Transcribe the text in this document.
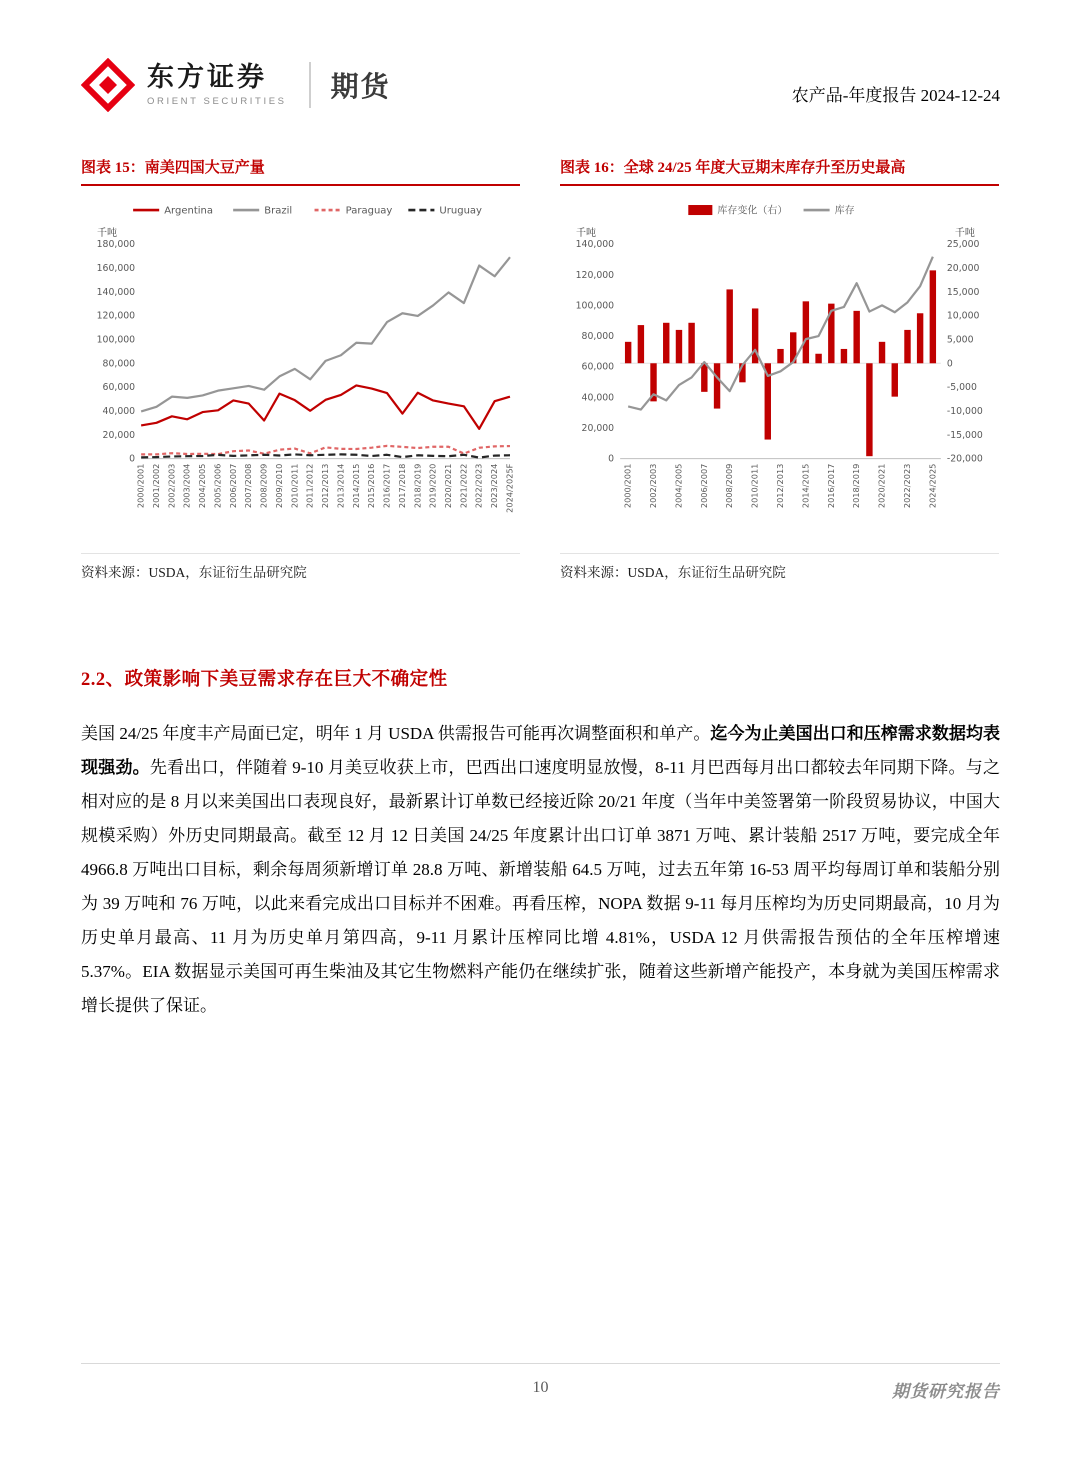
东方证券
ORIENT SECURITIES 期货	农产品-年度报告 2024-12-24
图表 15：南美四国大豆产量
Argentina	Brazil	Paraguay	Uruguay
千吨
0
20,000
40,000
60,000
80,000
100,000
120,000
140,000
160,000
180,000
2000/2001 2001/2002 2002/2003 2003/2004 2004/2005 2005/2006 2006/2007 2007/2008 2008/2009 2009/2010 2010/2011 2011/2012 2012/2013 2013/2014 2014/2015 2015/2016 2016/2017 2017/2018 2018/2019 2019/2020 2020/2021 2021/2022 2022/2023 2023/2024 2024/2025F
资料来源：USDA，东证衍生品研究院
图表 16：全球 24/25 年度大豆期末库存升至历史最高
库存变化（右）	库存
千吨	千吨
0
20,000
40,000
60,000
80,000
100,000
120,000
140,000
-20,000
-15,000
-10,000
-5,000
0
5,000
10,000
15,000
20,000
25,000
2000/2001 2002/2003 2004/2005 2006/2007 2008/2009 2010/2011 2012/2013 2014/2015 2016/2017 2018/2019 2020/2021 2022/2023 2024/2025
资料来源：USDA，东证衍生品研究院
2.2、政策影响下美豆需求存在巨大不确定性

美国 24/25 年度丰产局面已定，明年 1 月 USDA 供需报告可能再次调整面积和单产。迄今为止美国出口和压榨需求数据均表现强劲。先看出口，伴随着 9-10 月美豆收获上市，巴西出口速度明显放慢，8-11 月巴西每月出口都较去年同期下降。与之相对应的是 8 月以来美国出口表现良好，最新累计订单数已经接近除 20/21 年度（当年中美签署第一阶段贸易协议，中国大规模采购）外历史同期最高。截至 12 月 12 日美国 24/25 年度累计出口订单 3871 万吨、累计装船 2517 万吨，要完成全年 4966.8 万吨出口目标，剩余每周须新增订单 28.8 万吨、新增装船 64.5 万吨，过去五年第 16-53 周平均每周订单和装船分别为 39 万吨和 76 万吨，以此来看完成出口目标并不困难。再看压榨，NOPA 数据 9-11 每月压榨均为历史同期最高，10 月为历史单月最高、11 月为历史单月第四高，9-11 月累计压榨同比增 4.81%，USDA 12 月供需报告预估的全年压榨增速 5.37%。EIA 数据显示美国可再生柴油及其它生物燃料产能仍在继续扩张，随着这些新增产能投产，本身就为美国压榨需求增长提供了保证。

10	期货研究报告
